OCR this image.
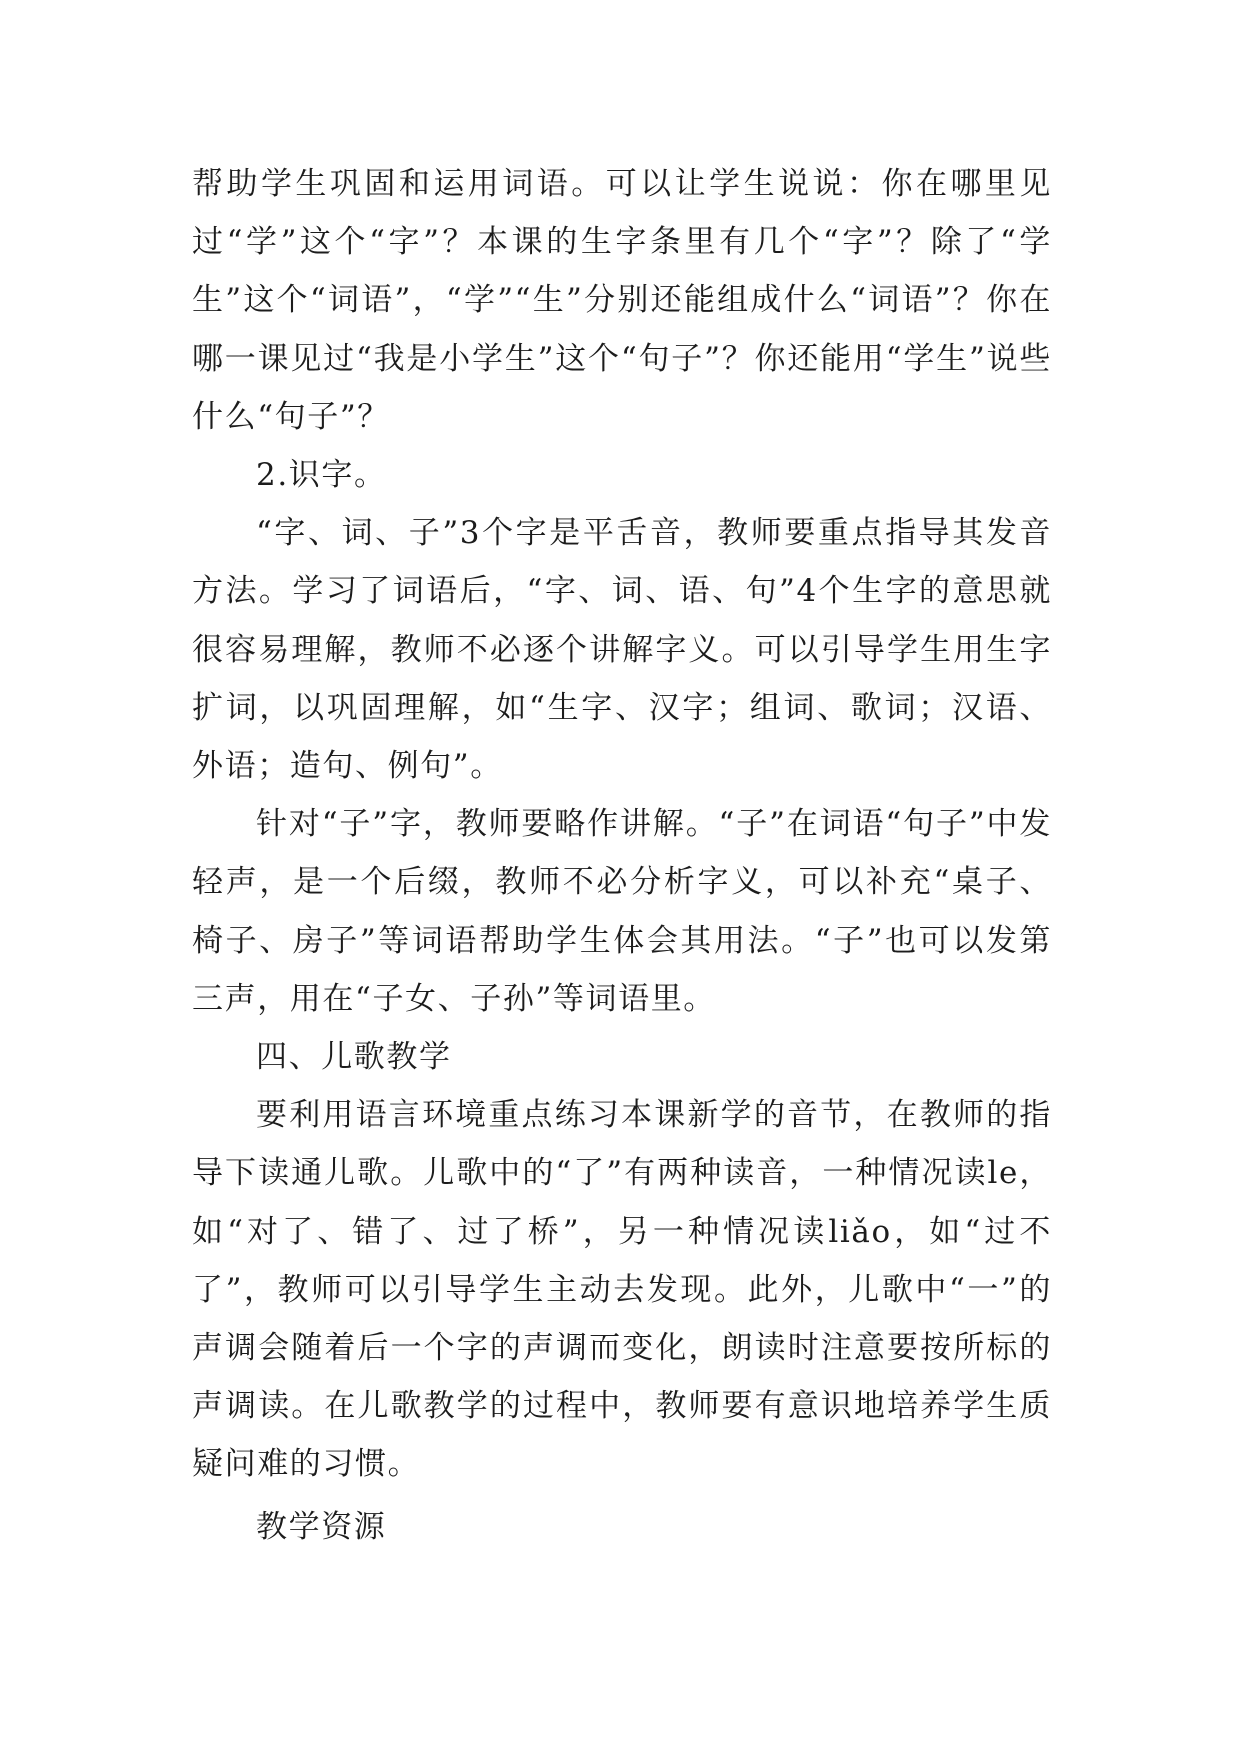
帮助学生巩固和运用词语。可以让学生说说：你在哪里见过“学”这个“字”？本课的生字条里有几个“字”？除了“学生”这个“词语”，“学”“生”分别还能组成什么“词语”？你在哪一课见过“我是小学生”这个“句子”？你还能用“学生”说些什么“句子”？

2.识字。

“字、词、子”3个字是平舌音，教师要重点指导其发音方法。学习了词语后，“字、词、语、句”4个生字的意思就很容易理解，教师不必逐个讲解字义。可以引导学生用生字扩词，以巩固理解，如“生字、汉字；组词、歌词；汉语、外语；造句、例句”。

针对“子”字，教师要略作讲解。“子”在词语“句子”中发轻声，是一个后缀，教师不必分析字义，可以补充“桌子、椅子、房子”等词语帮助学生体会其用法。“子”也可以发第三声，用在“子女、子孙”等词语里。

四、儿歌教学

要利用语言环境重点练习本课新学的音节，在教师的指导下读通儿歌。儿歌中的“了”有两种读音，一种情况读le，如“对了、错了、过了桥”，另一种情况读liǎo，如“过不了”，教师可以引导学生主动去发现。此外，儿歌中“一”的声调会随着后一个字的声调而变化，朗读时注意要按所标的声调读。在儿歌教学的过程中，教师要有意识地培养学生质疑问难的习惯。

教学资源
